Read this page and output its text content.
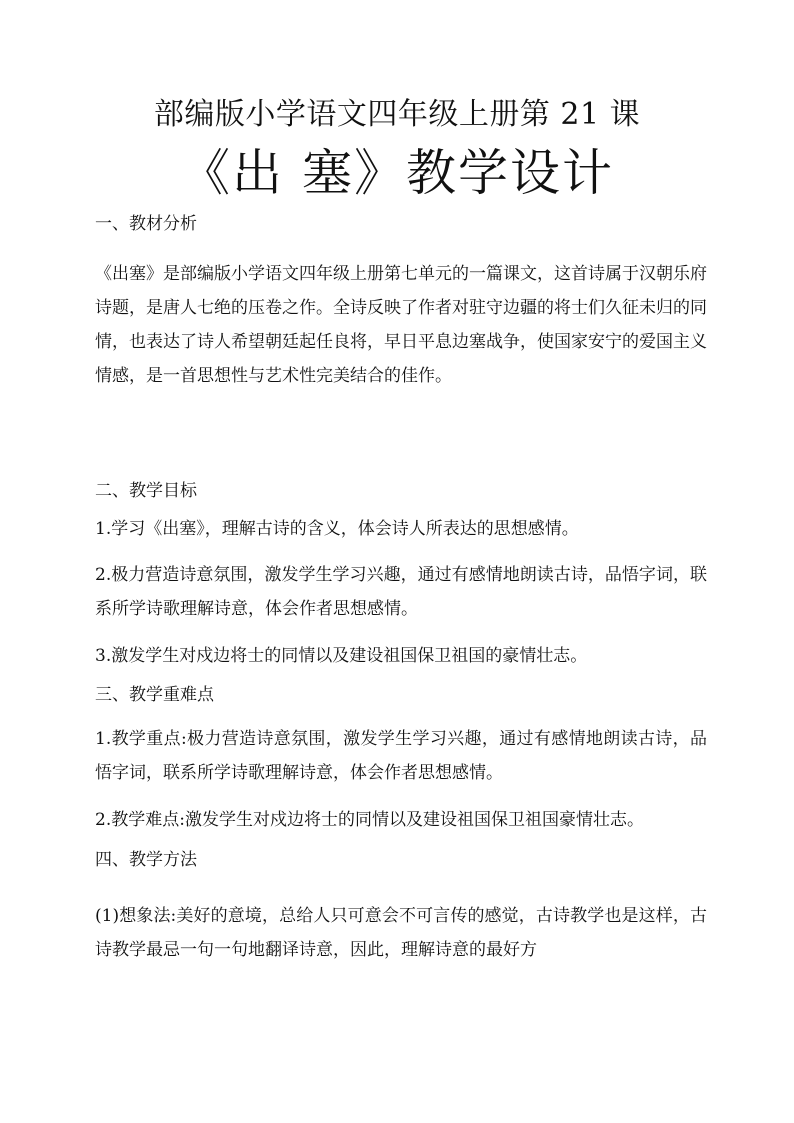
部编版小学语文四年级上册第 21 课
《出 塞》教学设计
一、教材分析
《出塞》是部编版小学语文四年级上册第七单元的一篇课文，这首诗属于汉朝乐府诗题，是唐人七绝的压卷之作。全诗反映了作者对驻守边疆的将士们久征未归的同情，也表达了诗人希望朝廷起任良将，早日平息边塞战争，使国家安宁的爱国主义情感，是一首思想性与艺术性完美结合的佳作。
二、教学目标
1.学习《出塞》，理解古诗的含义，体会诗人所表达的思想感情。
2.极力营造诗意氛围，激发学生学习兴趣，通过有感情地朗读古诗，品悟字词，联系所学诗歌理解诗意，体会作者思想感情。
3.激发学生对戍边将士的同情以及建设祖国保卫祖国的豪情壮志。
三、教学重难点
1.教学重点:极力营造诗意氛围，激发学生学习兴趣，通过有感情地朗读古诗，品悟字词，联系所学诗歌理解诗意，体会作者思想感情。
2.教学难点:激发学生对戍边将士的同情以及建设祖国保卫祖国豪情壮志。
四、教学方法
(1)想象法:美好的意境，总给人只可意会不可言传的感觉，古诗教学也是这样，古诗教学最忌一句一句地翻译诗意，因此，理解诗意的最好方
